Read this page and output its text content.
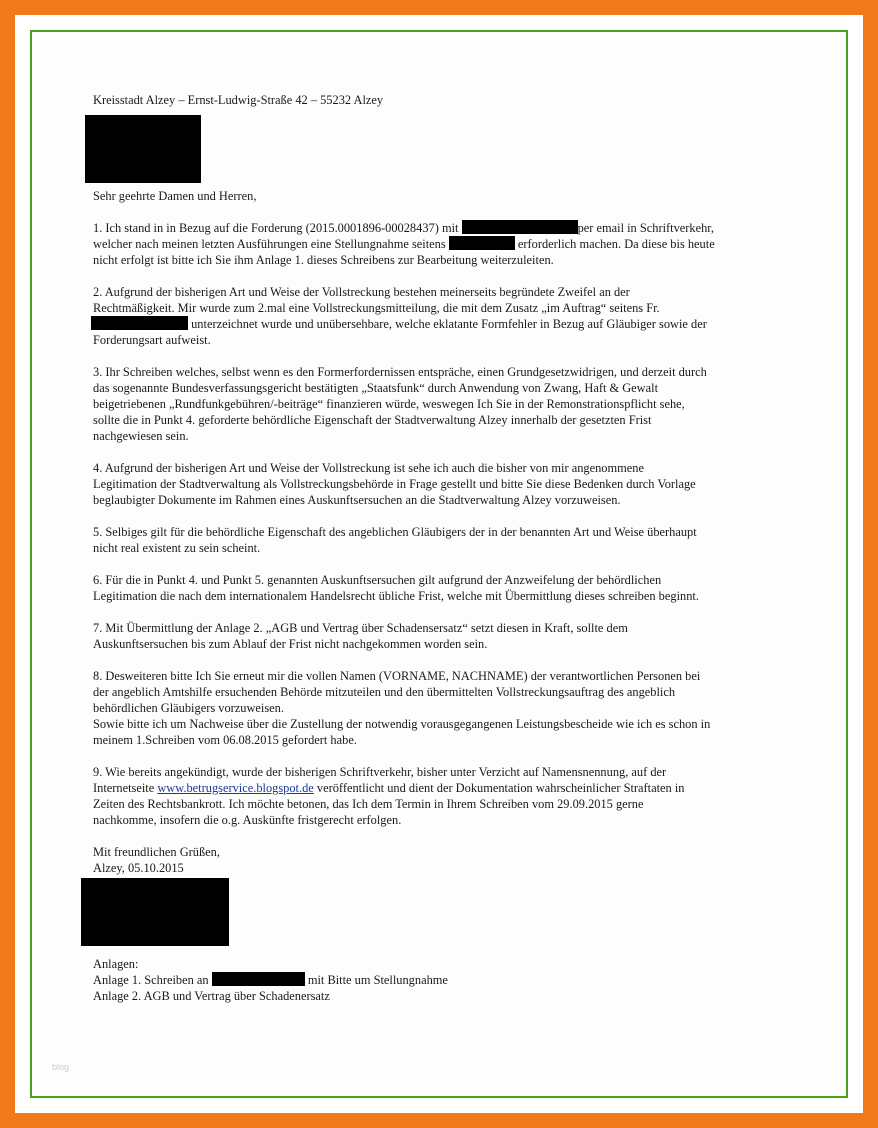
Kreisstadt Alzey – Ernst-Ludwig-Straße 42 – 55232 Alzey
Sehr geehrte Damen und Herren,
1. Ich stand in in Bezug auf die Forderung (2015.0001896-00028437) mit	per email in Schriftverkehr,
welcher nach meinen letzten Ausführungen eine Stellungnahme seitens	erforderlich machen. Da diese bis heute
nicht erfolgt ist bitte ich Sie ihm Anlage 1. dieses Schreibens zur Bearbeitung weiterzuleiten.
2. Aufgrund der bisherigen Art und Weise der Vollstreckung bestehen meinerseits begründete Zweifel an der
Rechtmäßigkeit. Mir wurde zum 2.mal eine Vollstreckungsmitteilung, die mit dem Zusatz „im Auftrag“ seitens Fr.
unterzeichnet wurde und unübersehbare, welche eklatante Formfehler in Bezug auf Gläubiger sowie der
Forderungsart aufweist.
3. Ihr Schreiben welches, selbst wenn es den Formerfordernissen entspräche, einen Grundgesetzwidrigen, und derzeit durch
das sogenannte Bundesverfassungsgericht bestätigten „Staatsfunk“ durch Anwendung von Zwang, Haft & Gewalt
beigetriebenen „Rundfunkgebühren/-beiträge“ finanzieren würde, weswegen Ich Sie in der Remonstrationspflicht sehe,
sollte die in Punkt 4. geforderte behördliche Eigenschaft der Stadtverwaltung Alzey innerhalb der gesetzten Frist
nachgewiesen sein.
4. Aufgrund der bisherigen Art und Weise der Vollstreckung ist sehe ich auch die bisher von mir angenommene
Legitimation der Stadtverwaltung als Vollstreckungsbehörde in Frage gestellt und bitte Sie diese Bedenken durch Vorlage
beglaubigter Dokumente im Rahmen eines Auskunftsersuchen an die Stadtverwaltung Alzey vorzuweisen.
5. Selbiges gilt für die behördliche Eigenschaft des angeblichen Gläubigers der in der benannten Art und Weise überhaupt
nicht real existent zu sein scheint.
6. Für die in Punkt 4. und Punkt 5. genannten Auskunftsersuchen gilt aufgrund der Anzweifelung der behördlichen
Legitimation die nach dem internationalem Handelsrecht übliche Frist, welche mit Übermittlung dieses schreiben beginnt.
7. Mit Übermittlung der Anlage 2. „AGB und Vertrag über Schadensersatz“ setzt diesen in Kraft, sollte dem
Auskunftsersuchen bis zum Ablauf der Frist nicht nachgekommen worden sein.
8. Desweiteren bitte Ich Sie erneut mir die vollen Namen (VORNAME, NACHNAME) der verantwortlichen Personen bei
der angeblich Amtshilfe ersuchenden Behörde mitzuteilen und den übermittelten Vollstreckungsauftrag des angeblich
behördlichen Gläubigers vorzuweisen.
Sowie bitte ich um Nachweise über die Zustellung der notwendig vorausgegangenen Leistungsbescheide wie ich es schon in
meinem 1.Schreiben vom 06.08.2015 gefordert habe.
9. Wie bereits angekündigt, wurde der bisherigen Schriftverkehr, bisher unter Verzicht auf Namensnennung, auf der
Internetseite www.betrugservice.blogspot.de veröffentlicht und dient der Dokumentation wahrscheinlicher Straftaten in
Zeiten des Rechtsbankrott. Ich möchte betonen, das Ich dem Termin in Ihrem Schreiben vom 29.09.2015 gerne
nachkomme, insofern die o.g. Auskünfte fristgerecht erfolgen.
Mit freundlichen Grüßen,
Alzey, 05.10.2015
Anlagen:
Anlage 1. Schreiben an	mit Bitte um Stellungnahme
Anlage 2. AGB und Vertrag über Schadenersatz
blog
